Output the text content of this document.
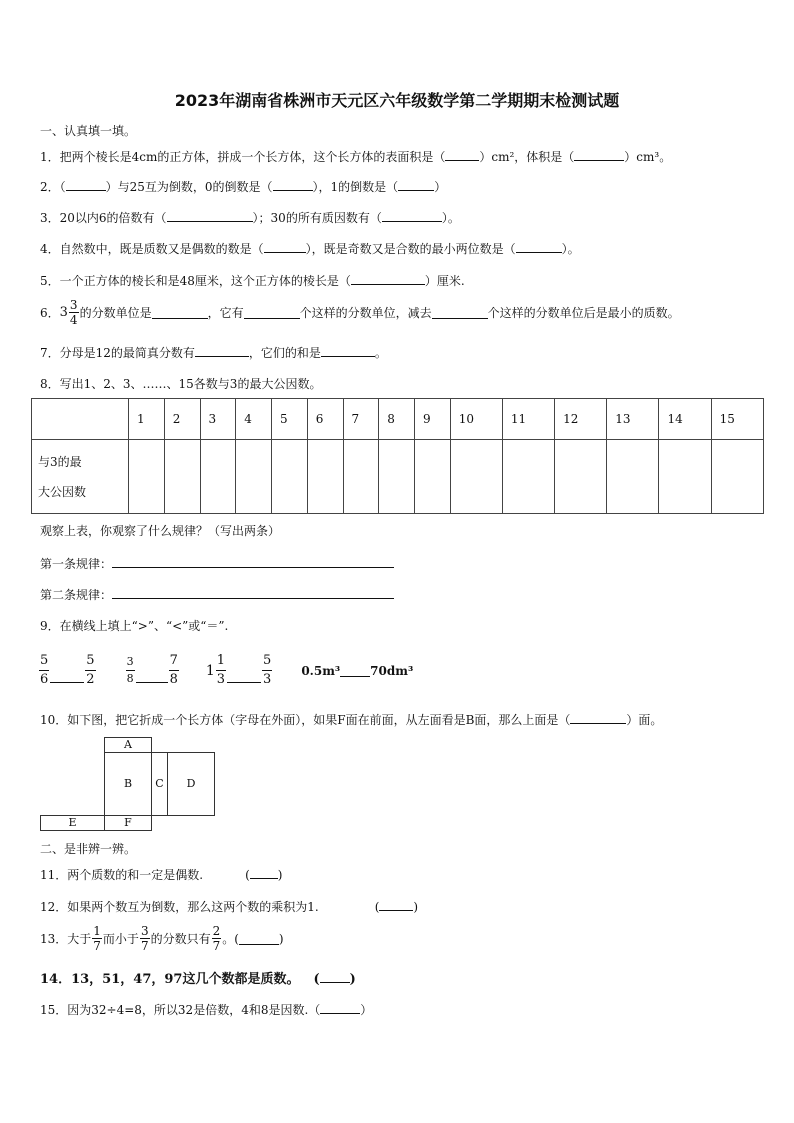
2023年湖南省株洲市天元区六年级数学第二学期期末检测试题
一、认真填一填。
1．把两个棱长是4cm的正方体，拼成一个长方体，这个长方体的表面积是（	）cm²，体积是（	）cm³。
2．（	）与25互为倒数，0的倒数是（	），1的倒数是（	）
3．20以内6的倍数有（	）；30的所有质因数有（	）。
4．自然数中，既是质数又是偶数的数是（	），既是奇数又是合数的最小两位数是（	）。
5．一个正方体的棱长和是48厘米，这个正方体的棱长是（	）厘米.
6． $3 \frac{3}{4}$ 的分数单位是	，它有	个这样的分数单位，减去	个这样的分数单位后是最小的质数。
7．分母是12的最简真分数有	，它们的和是	。
8．写出1、2、3、……、15各数与3的最大公因数。
	1	2	3	4	5	6	7	8	9	10	11	12	13	14	15
与3的最
大公因数															
观察上表，你观察了什么规律？（写出两条）
第一条规律：
第二条规律：
9．在横线上填上“>”、“<”或“＝”.
$\frac{5}{6}$	$\frac{5}{2}$	$\frac{3}{8}$	$\frac{7}{8} 1 \frac{1}{3}$	$\frac{5}{3} 0.5m^3$	70dm³
10．如下图，把它折成一个长方体（字母在外面），如果F面在前面，从左面看是B面，那么上面是（	）面。
A
B	C	D
E	F
二、是非辨一辨。
11．两个质数的和一定是偶数.	( )
12．如果两个数互为倒数，那么这两个数的乘积为1.	(	)
13．大于 $\frac{1}{7}$ 而小于 $\frac{3}{7}$ 的分数只有 $\frac{2}{7}$ 。(	)
14．13，51，47，97这几个数都是质数。 ( )
15．因为32÷4=8，所以32是倍数，4和8是因数.（	）
